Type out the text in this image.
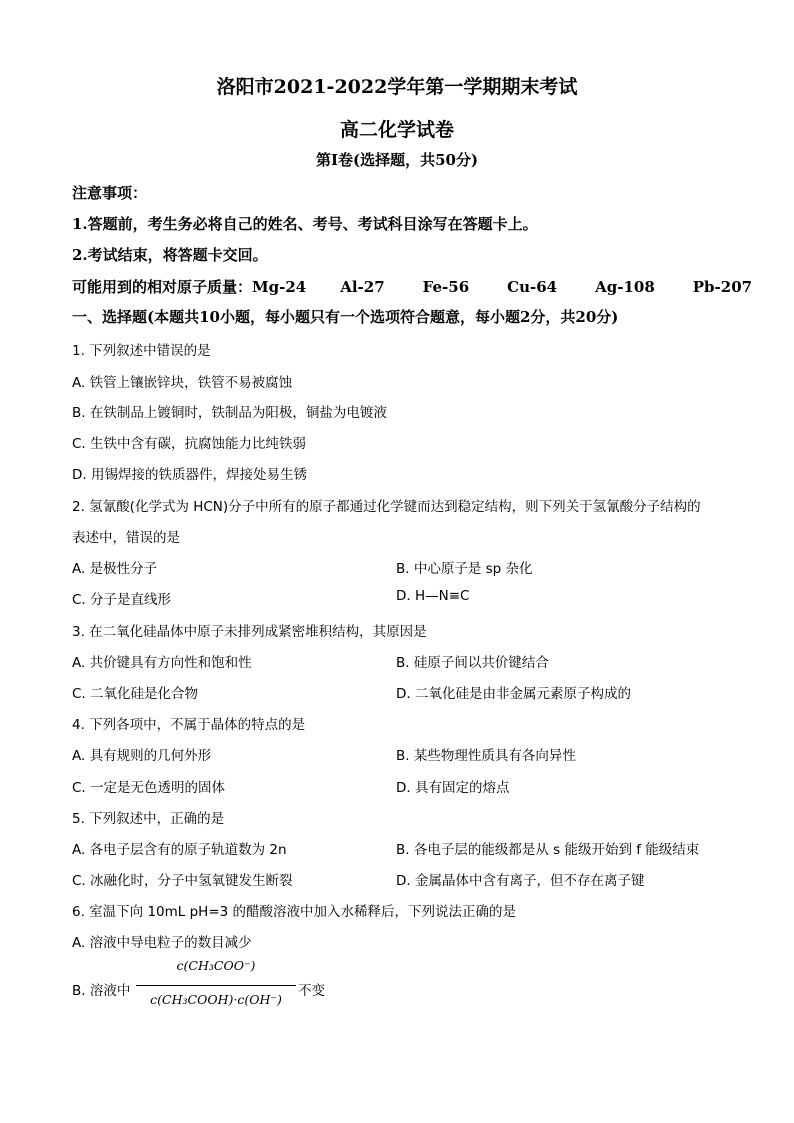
洛阳市2021-2022学年第一学期期末考试
高二化学试卷
第Ⅰ卷(选择题，共50分)
注意事项：
1.答题前，考生务必将自己的姓名、考号、考试科目涂写在答题卡上。
2.考试结束，将答题卡交回。
可能用到的相对原子质量：Mg-24 Al-27	Fe-56	Cu-64	Ag-108	Pb-207
一、选择题(本题共10小题，每小题只有一个选项符合题意，每小题2分，共20分)
1. 下列叙述中错误的是
A. 铁管上镶嵌锌块，铁管不易被腐蚀
B. 在铁制品上镀铜时，铁制品为阳极，铜盐为电镀液
C. 生铁中含有碳，抗腐蚀能力比纯铁弱
D. 用锡焊接的铁质器件，焊接处易生锈
2. 氢氰酸(化学式为 HCN)分子中所有的原子都通过化学键而达到稳定结构，则下列关于氢氰酸分子结构的
表述中，错误的是
A. 是极性分子	B. 中心原子是 sp 杂化
C. 分子是直线形	D. H—N≡C
3. 在二氧化硅晶体中原子未排列成紧密堆积结构，其原因是
A. 共价键具有方向性和饱和性	B. 硅原子间以共价键结合
C. 二氧化硅是化合物	D. 二氧化硅是由非金属元素原子构成的
4. 下列各项中，不属于晶体的特点的是
A. 具有规则的几何外形	B. 某些物理性质具有各向异性
C. 一定是无色透明的固体	D. 具有固定的熔点
5. 下列叙述中，正确的是
A. 各电子层含有的原子轨道数为 2n	B. 各电子层的能级都是从 s 能级开始到 f 能级结束
C. 冰融化时，分子中氢氧键发生断裂	D. 金属晶体中含有离子，但不存在离子键
6. 室温下向 10mL pH=3 的醋酸溶液中加入水稀释后，下列说法正确的是
A. 溶液中导电粒子的数目减少
B. 溶液中
c(CH₃COO⁻)
c(CH₃COOH)·c(OH⁻)
不变
